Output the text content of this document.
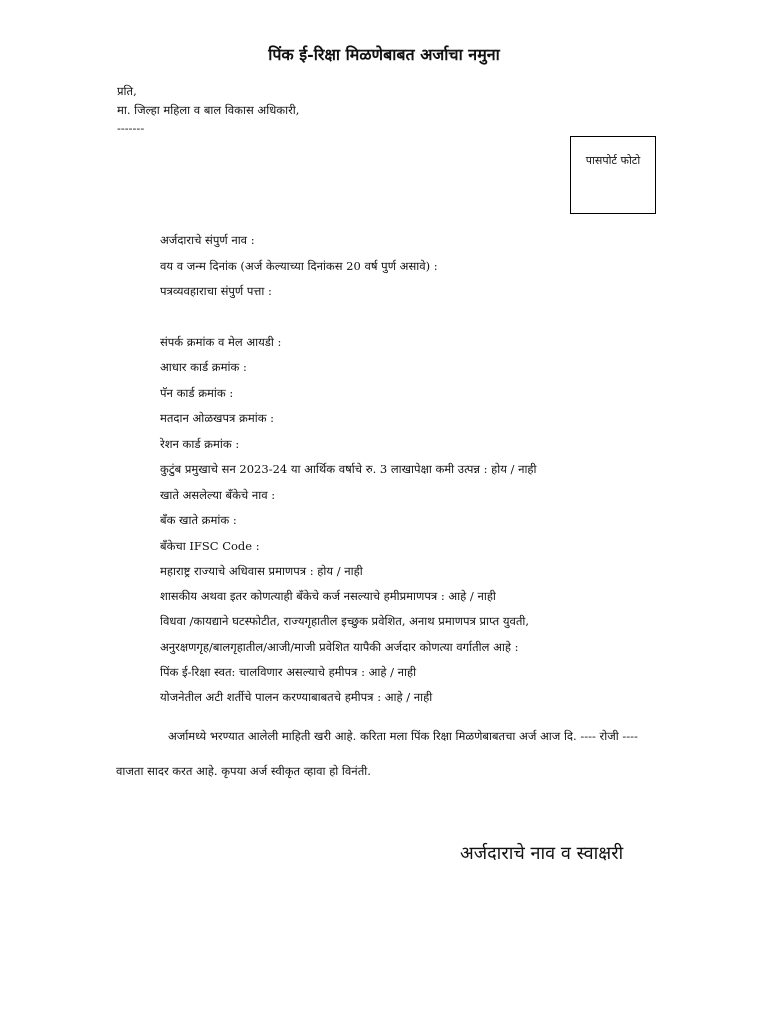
पिंक ई-रिक्षा मिळणेबाबत अर्जाचा नमुना
प्रति,
मा. जिल्हा महिला व बाल विकास अधिकारी,
-------
पासपोर्ट फोटो
अर्जदाराचे संपुर्ण नाव :
वय व जन्म दिनांक (अर्ज केल्याच्या दिनांकस 20 वर्ष पुर्ण असावे) :
पत्रव्यवहाराचा संपुर्ण पत्ता :
संपर्क क्रमांक व मेल आयडी :
आधार कार्ड क्रमांक :
पॅन कार्ड क्रमांक :
मतदान ओळखपत्र क्रमांक :
रेशन कार्ड क्रमांक :
कुटुंब प्रमुखाचे सन 2023-24 या आर्थिक वर्षाचे रु. 3 लाखापेक्षा कमी उत्पन्न : होय / नाही
खाते असलेल्या बँकेचे नाव :
बँक खाते क्रमांक :
बँकेचा IFSC Code :
महाराष्ट्र राज्याचे अधिवास प्रमाणपत्र : होय / नाही
शासकीय अथवा इतर कोणत्याही बँकेचे कर्ज नसल्याचे हमीप्रमाणपत्र : आहे / नाही
विधवा /कायद्याने घटस्फोटीत, राज्यगृहातील इच्छुक प्रवेशित, अनाथ प्रमाणपत्र प्राप्त युवती,
अनुरक्षणगृह/बालगृहातील/आजी/माजी प्रवेशित यापैकी अर्जदार कोणत्या वर्गातील आहे :
पिंक ई-रिक्षा स्वत: चालविणार असल्याचे हमीपत्र : आहे / नाही
योजनेतील अटी शर्तीचे पालन करण्याबाबतचे हमीपत्र : आहे / नाही
अर्जामध्ये भरण्यात आलेली माहिती खरी आहे. करिता मला पिंक रिक्षा मिळणेबाबतचा अर्ज आज दि. ---- रोजी ----
वाजता सादर करत आहे. कृपया अर्ज स्वीकृत व्हावा हो विनंती.
अर्जदाराचे नाव व स्वाक्षरी
